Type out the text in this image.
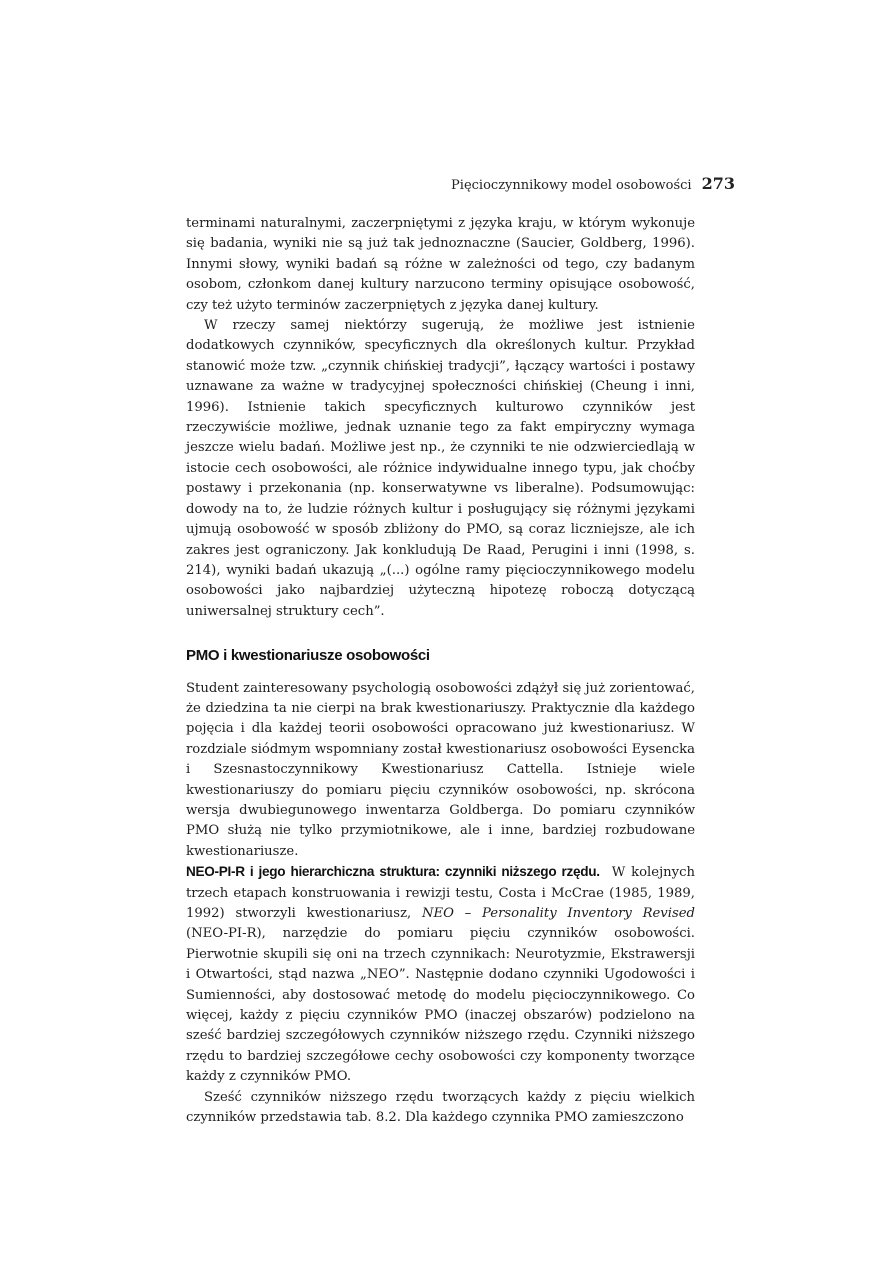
Pięcioczynnikowy model osobowości 273

terminami naturalnymi, zaczerpniętymi z języka kraju, w którym wykonuje się badania, wyniki nie są już tak jednoznaczne (Saucier, Goldberg, 1996). Innymi słowy, wyniki badań są różne w zależności od tego, czy badanym osobom, członkom danej kultury narzucono terminy opisujące osobowość, czy też użyto terminów zaczerpniętych z języka danej kultury.

W rzeczy samej niektórzy sugerują, że możliwe jest istnienie dodatkowych czynników, specyficznych dla określonych kultur. Przykład stanowić może tzw. „czynnik chińskiej tradycji”, łączący wartości i postawy uznawane za ważne w tradycyjnej społeczności chińskiej (Cheung i inni, 1996). Istnienie takich specyficznych kulturowo czynników jest rzeczywiście możliwe, jednak uznanie tego za fakt empiryczny wymaga jeszcze wielu badań. Możliwe jest np., że czynniki te nie odzwierciedlają w istocie cech osobowości, ale różnice indywidualne innego typu, jak choćby postawy i przekonania (np. konserwatywne vs liberalne). Podsumowując: dowody na to, że ludzie różnych kultur i posługujący się różnymi językami ujmują osobowość w sposób zbliżony do PMO, są coraz liczniejsze, ale ich zakres jest ograniczony. Jak konkludują De Raad, Perugini i inni (1998, s. 214), wyniki badań ukazują „(...) ogólne ramy pięcioczynnikowego modelu osobowości jako najbardziej użyteczną hipotezę roboczą dotyczącą uniwersalnej struktury cech”.

PMO i kwestionariusze osobowości

Student zainteresowany psychologią osobowości zdążył się już zorientować, że dziedzina ta nie cierpi na brak kwestionariuszy. Praktycznie dla każdego pojęcia i dla każdej teorii osobowości opracowano już kwestionariusz. W rozdziale siódmym wspomniany został kwestionariusz osobowości Eysencka i Szesnastoczynnikowy Kwestionariusz Cattella. Istnieje wiele kwestionariuszy do pomiaru pięciu czynników osobowości, np. skrócona wersja dwubiegunowego inwentarza Goldberga. Do pomiaru czynników PMO służą nie tylko przymiotnikowe, ale i inne, bardziej rozbudowane kwestionariusze.

NEO-PI-R i jego hierarchiczna struktura: czynniki niższego rzędu. W kolejnych trzech etapach konstruowania i rewizji testu, Costa i McCrae (1985, 1989, 1992) stworzyli kwestionariusz, NEO – Personality Inventory Revised (NEO-PI-R), narzędzie do pomiaru pięciu czynników osobowości. Pierwotnie skupili się oni na trzech czynnikach: Neurotyzmie, Ekstrawersji i Otwartości, stąd nazwa „NEO”. Następnie dodano czynniki Ugodowości i Sumienności, aby dostosować metodę do modelu pięcioczynnikowego. Co więcej, każdy z pięciu czynników PMO (inaczej obszarów) podzielono na sześć bardziej szczegółowych czynników niższego rzędu. Czynniki niższego rzędu to bardziej szczegółowe cechy osobowości czy komponenty tworzące każdy z czynników PMO.

Sześć czynników niższego rzędu tworzących każdy z pięciu wielkich czynników przedstawia tab. 8.2. Dla każdego czynnika PMO zamieszczono
